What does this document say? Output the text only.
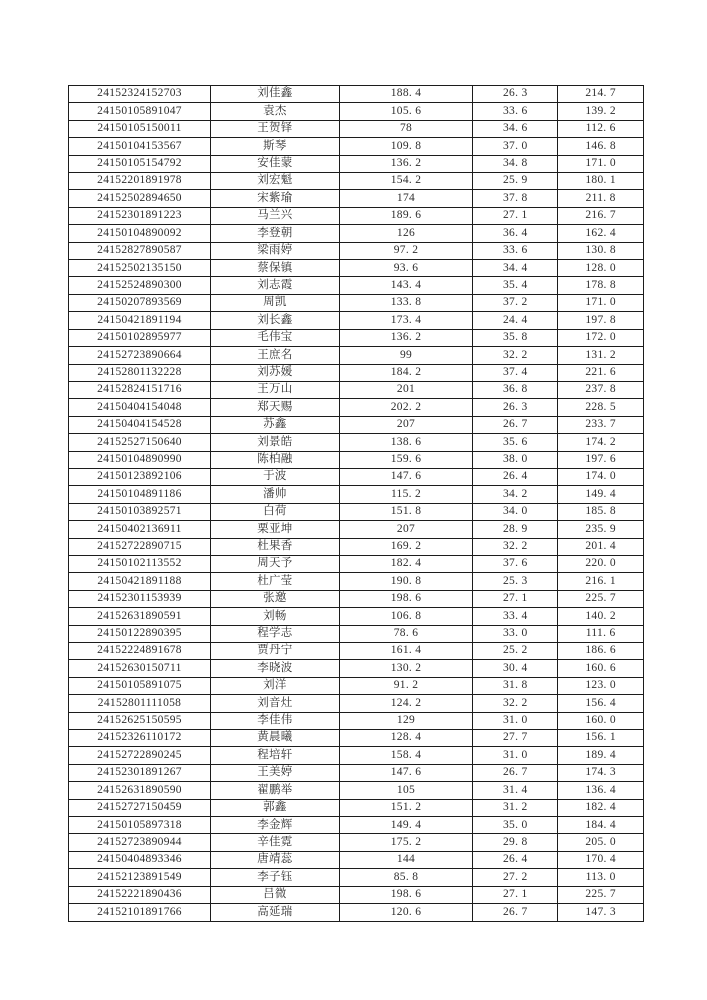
24152324152703	刘佳鑫	188. 4	26. 3	214. 7
24150105891047	袁杰	105. 6	33. 6	139. 2
24150105150011	王贺铎	78	34. 6	112. 6
24150104153567	斯琴	109. 8	37. 0	146. 8
24150105154792	安佳蒙	136. 2	34. 8	171. 0
24152201891978	刘宏魁	154. 2	25. 9	180. 1
24152502894650	宋紫瑜	174	37. 8	211. 8
24152301891223	马兰兴	189. 6	27. 1	216. 7
24150104890092	李登朝	126	36. 4	162. 4
24152827890587	梁雨婷	97. 2	33. 6	130. 8
24152502135150	蔡保镇	93. 6	34. 4	128. 0
24152524890300	刘志霞	143. 4	35. 4	178. 8
24150207893569	周凯	133. 8	37. 2	171. 0
24150421891194	刘长鑫	173. 4	24. 4	197. 8
24150102895977	毛伟宝	136. 2	35. 8	172. 0
24152723890664	王庶名	99	32. 2	131. 2
24152801132228	刘苏媛	184. 2	37. 4	221. 6
24152824151716	王万山	201	36. 8	237. 8
24150404154048	郑天赐	202. 2	26. 3	228. 5
24150404154528	苏鑫	207	26. 7	233. 7
24152527150640	刘景皓	138. 6	35. 6	174. 2
24150104890990	陈柏融	159. 6	38. 0	197. 6
24150123892106	于波	147. 6	26. 4	174. 0
24150104891186	潘帅	115. 2	34. 2	149. 4
24150103892571	白荷	151. 8	34. 0	185. 8
24150402136911	栗亚坤	207	28. 9	235. 9
24152722890715	杜果香	169. 2	32. 2	201. 4
24150102113552	周天予	182. 4	37. 6	220. 0
24150421891188	杜广莹	190. 8	25. 3	216. 1
24152301153939	张邀	198. 6	27. 1	225. 7
24152631890591	刘畅	106. 8	33. 4	140. 2
24150122890395	程学志	78. 6	33. 0	111. 6
24152224891678	贾丹宁	161. 4	25. 2	186. 6
24152630150711	李晓波	130. 2	30. 4	160. 6
24150105891075	刘洋	91. 2	31. 8	123. 0
24152801111058	刘音灶	124. 2	32. 2	156. 4
24152625150595	李佳伟	129	31. 0	160. 0
24152326110172	黄晨曦	128. 4	27. 7	156. 1
24152722890245	程培轩	158. 4	31. 0	189. 4
24152301891267	王美婷	147. 6	26. 7	174. 3
24152631890590	翟鹏举	105	31. 4	136. 4
24152727150459	郭鑫	151. 2	31. 2	182. 4
24150105897318	李金辉	149. 4	35. 0	184. 4
24152723890944	辛佳霓	175. 2	29. 8	205. 0
24150404893346	唐靖蕊	144	26. 4	170. 4
24152123891549	李子钰	85. 8	27. 2	113. 0
24152221890436	吕微	198. 6	27. 1	225. 7
24152101891766	高延瑞	120. 6	26. 7	147. 3
